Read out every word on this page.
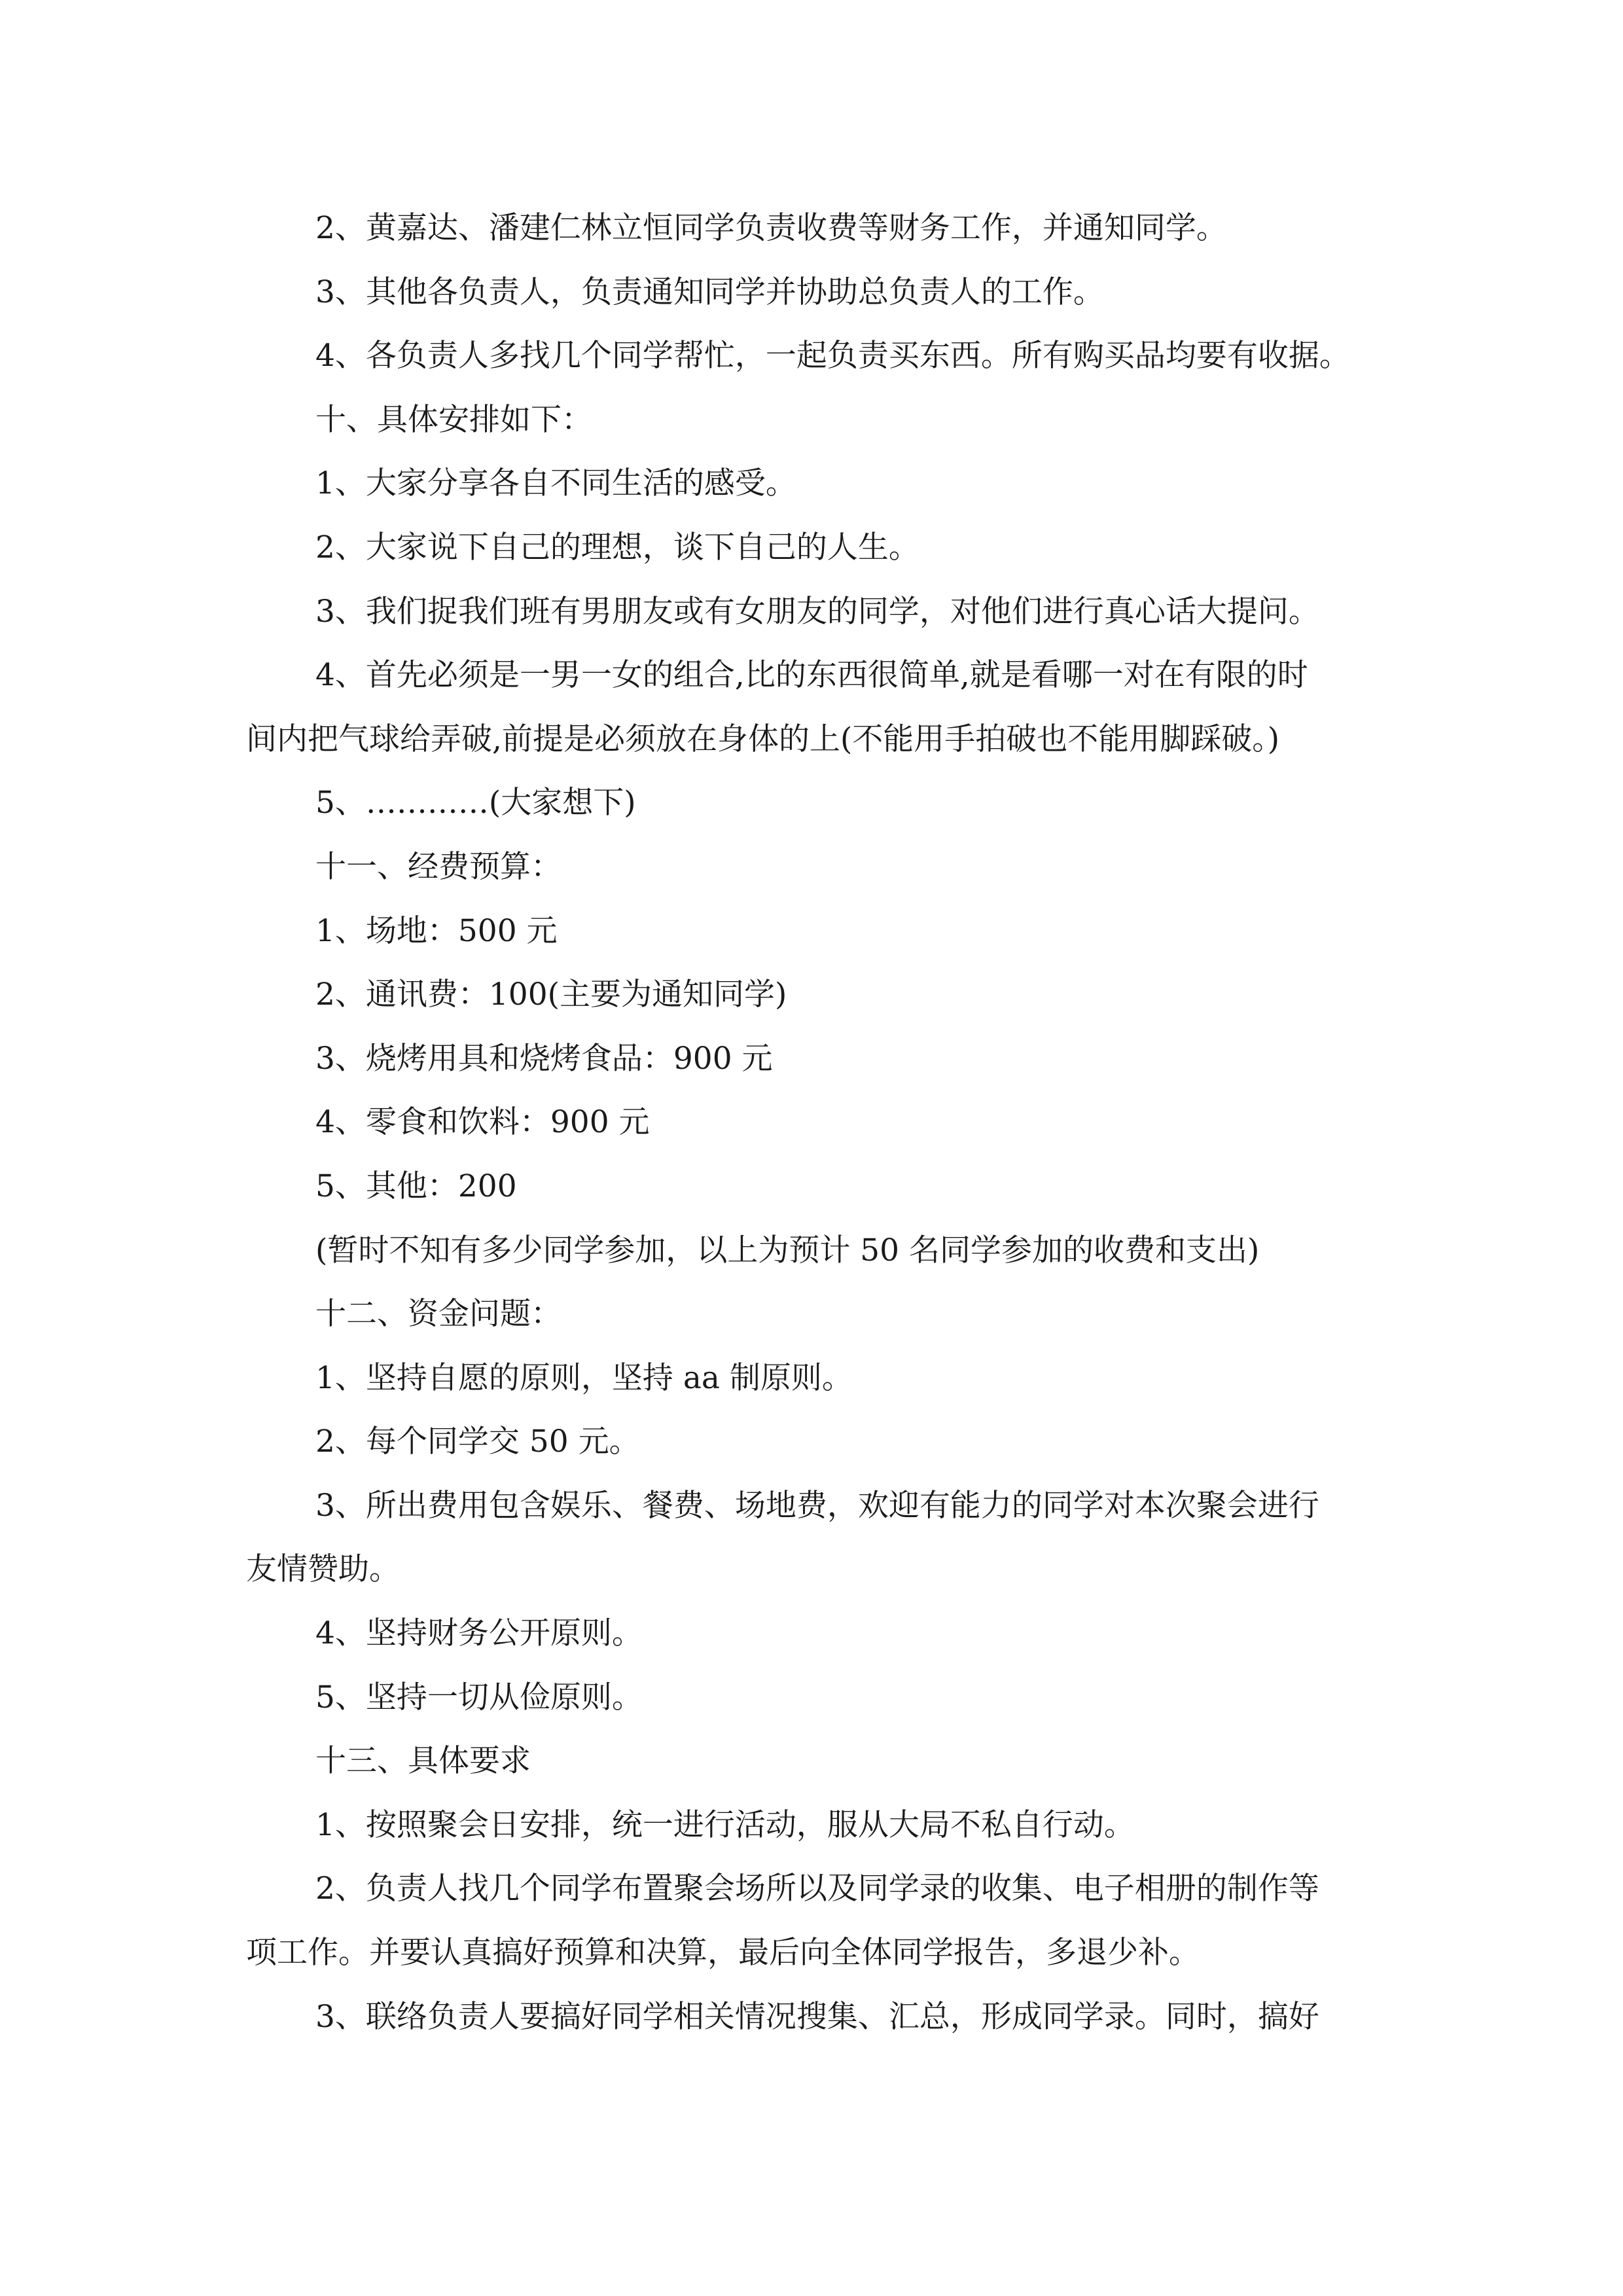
2、黄嘉达、潘建仁林立恒同学负责收费等财务工作，并通知同学。
3、其他各负责人，负责通知同学并协助总负责人的工作。
4、各负责人多找几个同学帮忙，一起负责买东西。所有购买品均要有收据。
十、具体安排如下：
1、大家分享各自不同生活的感受。
2、大家说下自己的理想，谈下自己的人生。
3、我们捉我们班有男朋友或有女朋友的同学，对他们进行真心话大提问。
4、首先必须是一男一女的组合,比的东西很简单,就是看哪一对在有限的时
间内把气球给弄破,前提是必须放在身体的上(不能用手拍破也不能用脚踩破。)
5、…………(大家想下)
十一、经费预算：
1、场地：500 元
2、通讯费：100(主要为通知同学)
3、烧烤用具和烧烤食品：900 元
4、零食和饮料：900 元
5、其他：200
(暂时不知有多少同学参加，以上为预计 50 名同学参加的收费和支出)
十二、资金问题：
1、坚持自愿的原则，坚持 aa 制原则。
2、每个同学交 50 元。
3、所出费用包含娱乐、餐费、场地费，欢迎有能力的同学对本次聚会进行
友情赞助。
4、坚持财务公开原则。
5、坚持一切从俭原则。
十三、具体要求
1、按照聚会日安排，统一进行活动，服从大局不私自行动。
2、负责人找几个同学布置聚会场所以及同学录的收集、电子相册的制作等
项工作。并要认真搞好预算和决算，最后向全体同学报告，多退少补。
3、联络负责人要搞好同学相关情况搜集、汇总，形成同学录。同时，搞好
